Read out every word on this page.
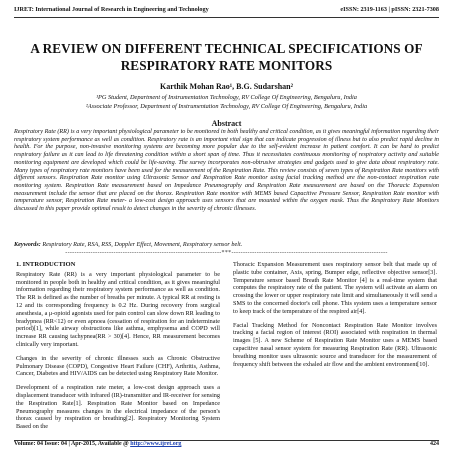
IJRET: International Journal of Research in Engineering and Technology	eISSN: 2319-1163 | pISSN: 2321-7308
A REVIEW ON DIFFERENT TECHNICAL SPECIFICATIONS OF RESPIRATORY RATE MONITORS
Karthik Mohan Rao¹, B.G. Sudarshan²
¹PG Student, Department of Instrumentation Technology, RV College Of Engineering, Bengaluru, India
²Associate Professor, Department of Instrumentation Technology, RV College Of Engineering, Bengaluru, India
Abstract
Respiratory Rate (RR) is a very important physiological parameter to be monitored in both healthy and critical condition, as it gives meaningful information regarding their respiratory system performance as well as condition. Respiratory rate is an important vital sign that can indicate progression of illness but to also predict rapid decline in health. For the purpose, non-invasive monitoring systems are becoming more popular due to the self-evident increase in patient comfort. It can be hard to predict respiratory failure as it can lead to life threatening condition within a short span of time. Thus it necessitates continuous monitoring of respiratory activity and suitable monitoring equipment are developed which could be life-saving. The survey incorporates non-obtrusive strategies and gadgets used to give data about respiratory rate. Many types of respiratory rate monitors have been used for the measurement of the Respiration Rate. This review consists of seven types of Respiration Rate monitors with different sensors. Respiration Rate monitor using Ultrasonic Sensor and Respiration Rate monitor using facial tracking method are the non-contact respiration rate monitoring system. Respiration Rate measurement based on Impedance Pneumography and Respiration Rate measurement are based on the Thoracic Expansion measurement include the sensor that are placed on the thorax. Respiration Rate monitor with MEMS based Capacitive Pressure Sensor, Respiration Rate monitor with temperature sensor, Respiration Rate meter- a low-cost design approach uses sensors that are mounted within the oxygen mask. Thus the Respiratory Rate Monitors discussed in this paper provide optimal result to detect changes in the severity of chronic illnesses.
Keywords: Respiratory Rate, RSA, RSS, Doppler Effect, Movement, Respiratory sensor belt.
--------------------------------------------------------------------***--------------------------------------------------------------------
1. INTRODUCTION

Respiratory Rate (RR) is a very important physiological parameter to be monitored in people both in healthy and critical condition, as it gives meaningful information regarding their respiratory system performance as well as condition. The RR is defined as the number of breaths per minute. A typical RR at resting is 12 and its corresponding frequency is 0.2 Hz. During recovery from surgical anesthesia, a μ-opioid agonists used for pain control can slow down RR leading to bradypnea (RR<12) or even apnoea (cessation of respiration for an indeterminate period)[1], while airway obstructions like asthma, emphysema and COPD will increase RR causing tachypnea(RR > 30)[4]. Hence, RR measurement becomes clinically very important.

Changes in the severity of chronic illnesses such as Chronic Obstructive Pulmonary Disease (COPD), Congestive Heart Failure (CHF), Arthritis, Asthma, Cancer, Diabetes and HIV/AIDS can be detected using Respiratory Rate Monitor.

Development of a respiration rate meter, a low-cost design approach uses a displacement transducer with infrared (IR)-transmitter and IR-receiver for sensing the Respiration Rate[1]. Respiration Rate Monitor based on Impedance Pneumography measures changes in the electrical impedance of the person's thorax caused by respiration or breathing[2]. Respiratory Monitoring System Based on the

Thoracic Expansion Measurement uses respiratory sensor belt that made up of plastic tube container, Axis, spring, Bumper edge, reflective objective sensor[3]. Temperature sensor based Breath Rate Monitor [4] is a real-time system that computes the respiratory rate of the patient. The system will activate an alarm on crossing the lower or upper respiratory rate limit and simultaneously it will send a SMS to the concerned doctor's cell phone. This system uses a temperature sensor to keep track of the temperature of the respired air[4].

Facial Tracking Method for Noncontact Respiration Rate Monitor involves tracking a facial region of interest (ROI) associated with respiration in thermal images [5]. A new Scheme of Respiration Rate Monitor uses a MEMS based capacitive nasal sensor system for measuring Respiration Rate (RR). Ultrasonic breathing monitor uses ultrasonic source and transducer for the measurement of frequency shift between the exhaled air flow and the ambient environment[10].

Volume: 04 Issue: 04 | Apr-2015, Available @ http://www.ijret.org	424
